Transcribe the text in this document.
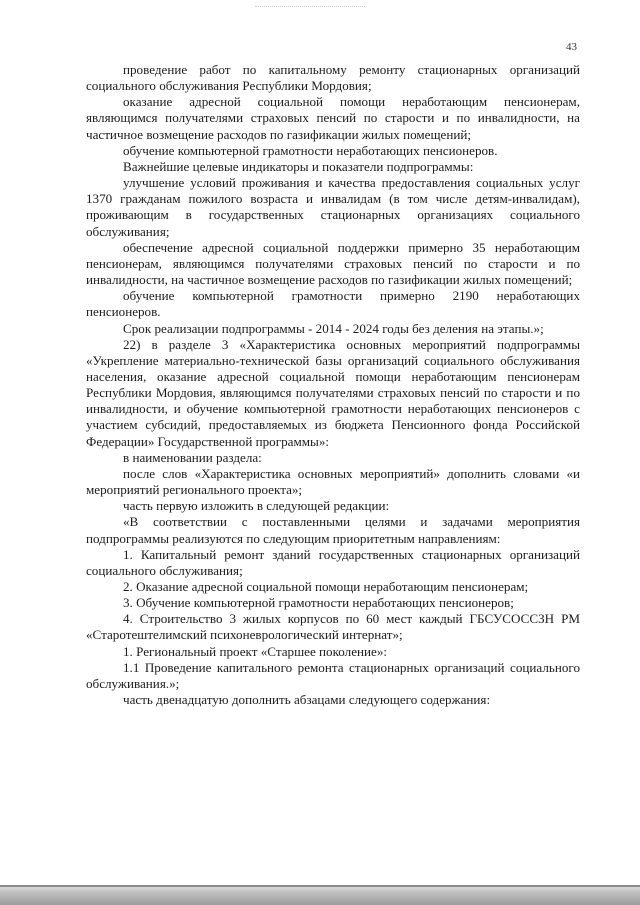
43

проведение работ по капитальному ремонту стационарных организаций социального обслуживания Республики Мордовия;

оказание адресной социальной помощи неработающим пенсионерам, являющимся получателями страховых пенсий по старости и по инвалидности, на частичное возмещение расходов по газификации жилых помещений;

обучение компьютерной грамотности неработающих пенсионеров.

Важнейшие целевые индикаторы и показатели подпрограммы:

улучшение условий проживания и качества предоставления социальных услуг 1370 гражданам пожилого возраста и инвалидам (в том числе детям-инвалидам), проживающим в государственных стационарных организациях социального обслуживания;

обеспечение адресной социальной поддержки примерно 35 неработающим пенсионерам, являющимся получателями страховых пенсий по старости и по инвалидности, на частичное возмещение расходов по газификации жилых помещений;

обучение компьютерной грамотности примерно 2190 неработающих пенсионеров.

Срок реализации подпрограммы - 2014 - 2024 годы без деления на этапы.»;

22) в разделе 3 «Характеристика основных мероприятий подпрограммы «Укрепление материально-технической базы организаций социального обслуживания населения, оказание адресной социальной помощи неработающим пенсионерам Республики Мордовия, являющимся получателями страховых пенсий по старости и по инвалидности, и обучение компьютерной грамотности неработающих пенсионеров с участием субсидий, предоставляемых из бюджета Пенсионного фонда Российской Федерации» Государственной программы»:

в наименовании раздела:

после слов «Характеристика основных мероприятий» дополнить словами «и мероприятий регионального проекта»;

часть первую изложить в следующей редакции:

«В соответствии с поставленными целями и задачами мероприятия подпрограммы реализуются по следующим приоритетным направлениям:

1. Капитальный ремонт зданий государственных стационарных организаций социального обслуживания;

2. Оказание адресной социальной помощи неработающим пенсионерам;

3. Обучение компьютерной грамотности неработающих пенсионеров;

4. Строительство 3 жилых корпусов по 60 мест каждый ГБСУСОССЗН РМ «Старотештелимский психоневрологический интернат»;

1. Региональный проект «Старшее поколение»:

1.1 Проведение капитального ремонта стационарных организаций социального обслуживания.»;

часть двенадцатую дополнить абзацами следующего содержания:
